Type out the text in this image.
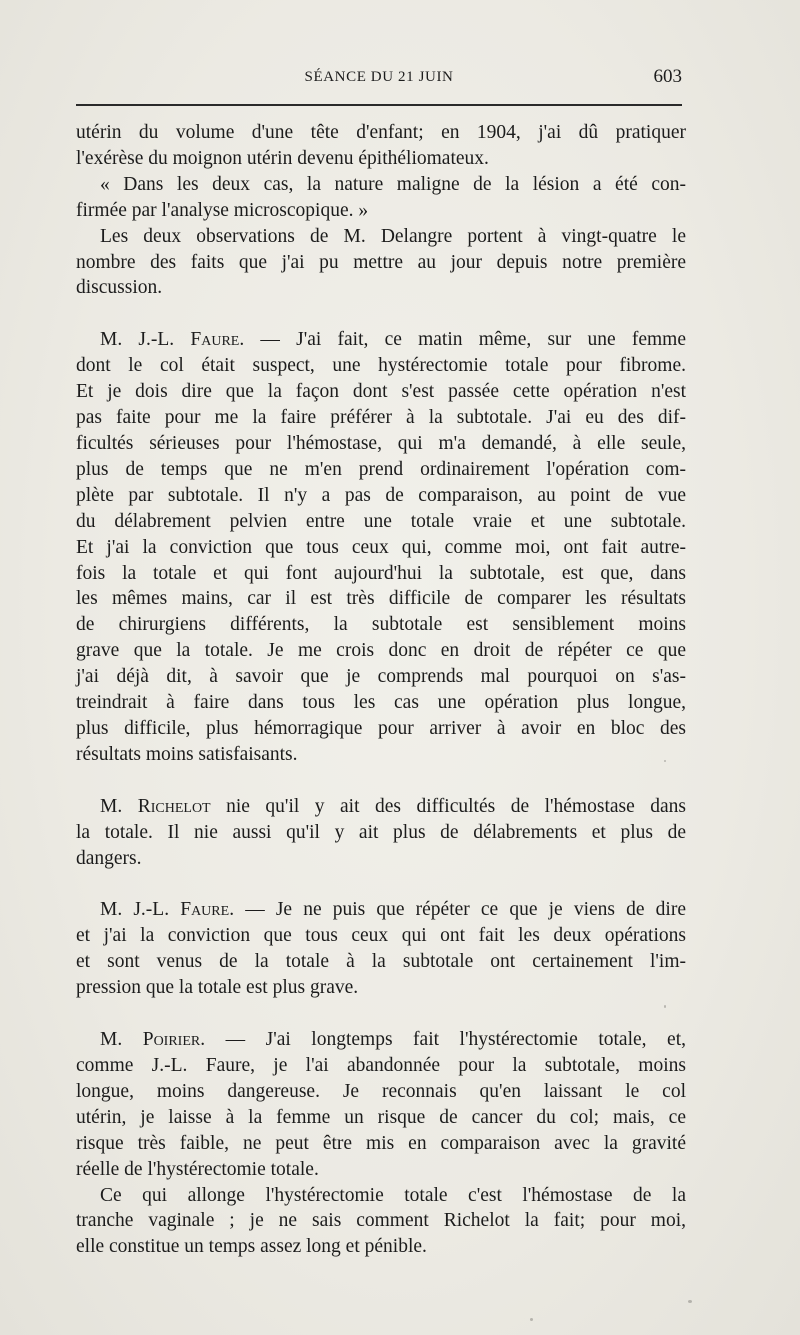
SÉANCE DU 21 JUIN	603
utérin du volume d'une tête d'enfant; en 1904, j'ai dû pratiquer
l'exérèse du moignon utérin devenu épithéliomateux.
« Dans les deux cas, la nature maligne de la lésion a été con-
firmée par l'analyse microscopique. »
Les deux observations de M. Delangre portent à vingt-quatre le
nombre des faits que j'ai pu mettre au jour depuis notre première
discussion.
M. J.-L. Faure. — J'ai fait, ce matin même, sur une femme
dont le col était suspect, une hystérectomie totale pour fibrome.
Et je dois dire que la façon dont s'est passée cette opération n'est
pas faite pour me la faire préférer à la subtotale. J'ai eu des dif-
ficultés sérieuses pour l'hémostase, qui m'a demandé, à elle seule,
plus de temps que ne m'en prend ordinairement l'opération com-
plète par subtotale. Il n'y a pas de comparaison, au point de vue
du délabrement pelvien entre une totale vraie et une subtotale.
Et j'ai la conviction que tous ceux qui, comme moi, ont fait autre-
fois la totale et qui font aujourd'hui la subtotale, est que, dans
les mêmes mains, car il est très difficile de comparer les résultats
de chirurgiens différents, la subtotale est sensiblement moins
grave que la totale. Je me crois donc en droit de répéter ce que
j'ai déjà dit, à savoir que je comprends mal pourquoi on s'as-
treindrait à faire dans tous les cas une opération plus longue,
plus difficile, plus hémorragique pour arriver à avoir en bloc des
résultats moins satisfaisants.
M. Richelot nie qu'il y ait des difficultés de l'hémostase dans
la totale. Il nie aussi qu'il y ait plus de délabrements et plus de
dangers.
M. J.-L. Faure. — Je ne puis que répéter ce que je viens de dire
et j'ai la conviction que tous ceux qui ont fait les deux opérations
et sont venus de la totale à la subtotale ont certainement l'im-
pression que la totale est plus grave.
M. Poirier. — J'ai longtemps fait l'hystérectomie totale, et,
comme J.-L. Faure, je l'ai abandonnée pour la subtotale, moins
longue, moins dangereuse. Je reconnais qu'en laissant le col
utérin, je laisse à la femme un risque de cancer du col; mais, ce
risque très faible, ne peut être mis en comparaison avec la gravité
réelle de l'hystérectomie totale.
Ce qui allonge l'hystérectomie totale c'est l'hémostase de la
tranche vaginale ; je ne sais comment Richelot la fait; pour moi,
elle constitue un temps assez long et pénible.
